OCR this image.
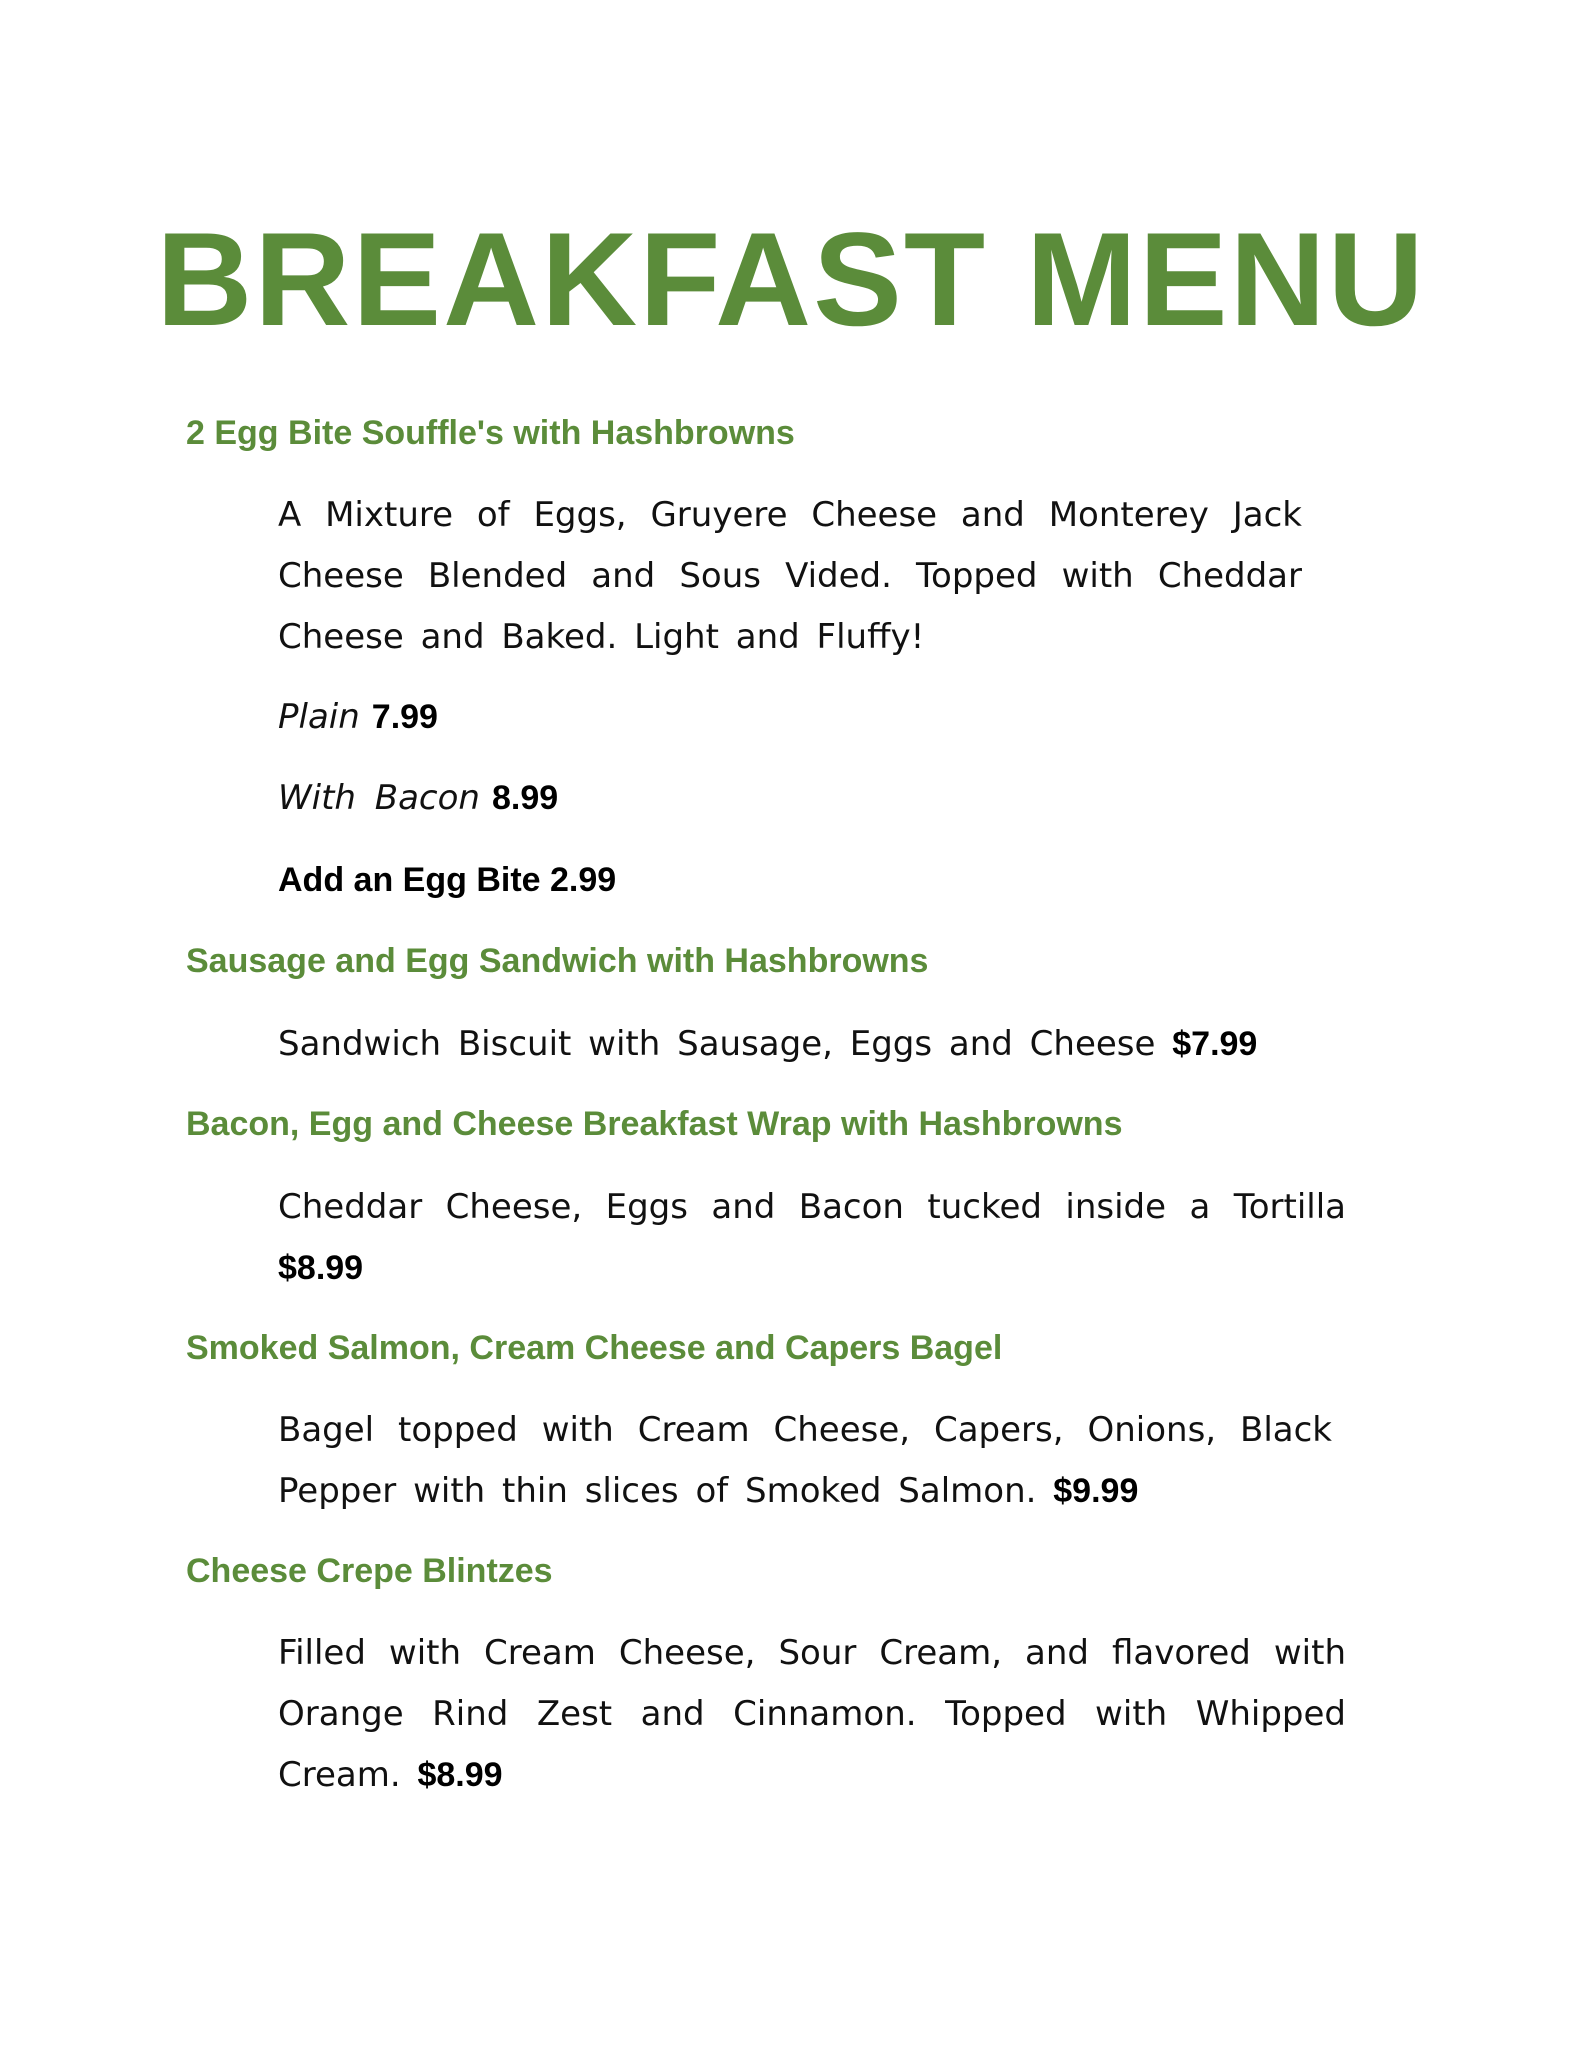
BREAKFAST MENU
2 Egg Bite Souffle's with Hashbrowns

A Mixture of Eggs, Gruyere Cheese and Monterey Jack Cheese Blended and Sous Vided. Topped with Cheddar Cheese and Baked. Light and Fluffy!

Plain 7.99
With Bacon 8.99
Add an Egg Bite 2.99
Sausage and Egg Sandwich with Hashbrowns

Sandwich Biscuit with Sausage, Eggs and Cheese $7.99

Bacon, Egg and Cheese Breakfast Wrap with Hashbrowns

Cheddar Cheese, Eggs and Bacon tucked inside a Tortilla $8.99

Smoked Salmon, Cream Cheese and Capers Bagel

Bagel topped with Cream Cheese, Capers, Onions, Black Pepper with thin slices of Smoked Salmon. $9.99

Cheese Crepe Blintzes

Filled with Cream Cheese, Sour Cream, and flavored with Orange Rind Zest and Cinnamon. Topped with Whipped Cream. $8.99
